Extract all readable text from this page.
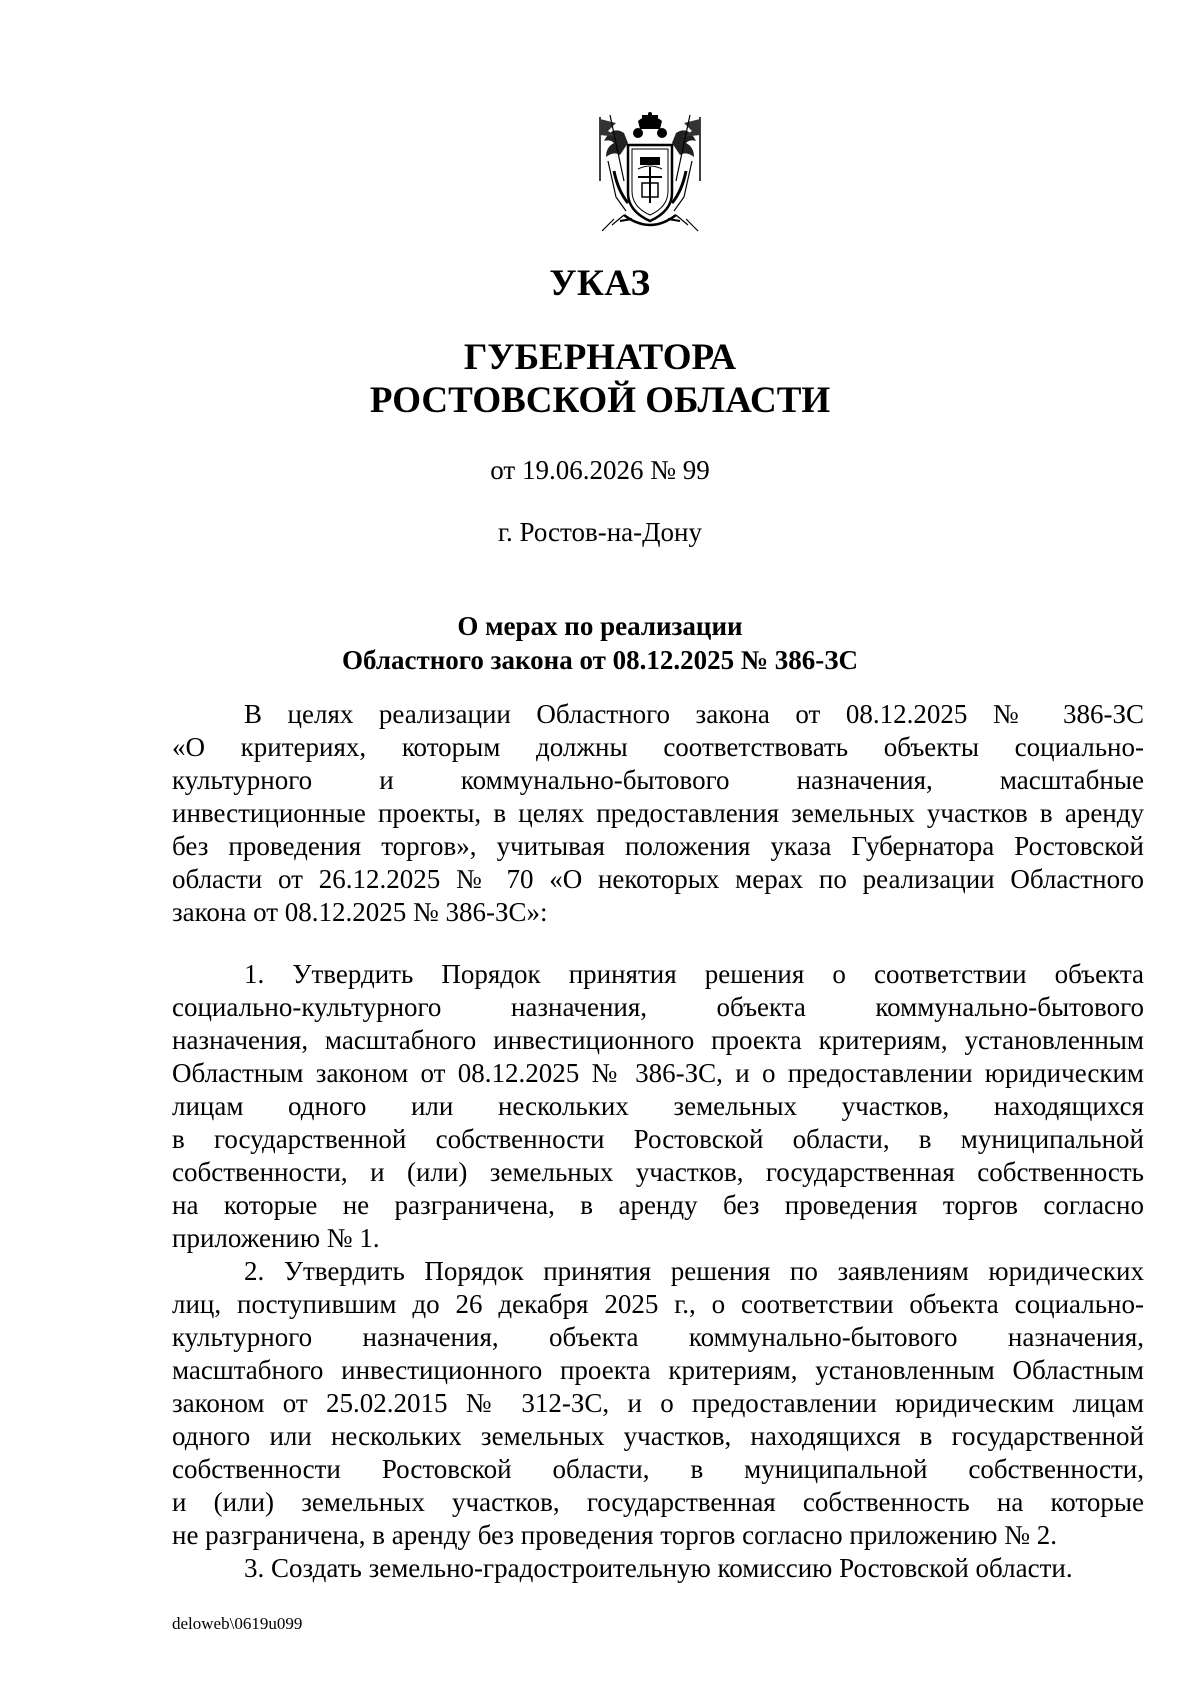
УКАЗ
ГУБЕРНАТОРА
РОСТОВСКОЙ ОБЛАСТИ
от 19.06.2026 № 99
г. Ростов-на-Дону
О мерах по реализации
Областного закона от 08.12.2025 № 386-ЗС
В целях реализации Областного закона от 08.12.2025 № 386-ЗС
«О критериях, которым должны соответствовать объекты социально-
культурного и коммунально-бытового назначения, масштабные
инвестиционные проекты, в целях предоставления земельных участков в аренду
без проведения торгов», учитывая положения указа Губернатора Ростовской
области от 26.12.2025 № 70 «О некоторых мерах по реализации Областного
закона от 08.12.2025 № 386-ЗС»:
1. Утвердить Порядок принятия решения о соответствии объекта
социально-культурного назначения, объекта коммунально-бытового
назначения, масштабного инвестиционного проекта критериям, установленным
Областным законом от 08.12.2025 № 386-ЗС, и о предоставлении юридическим
лицам одного или нескольких земельных участков, находящихся
в государственной собственности Ростовской области, в муниципальной
собственности, и (или) земельных участков, государственная собственность
на которые не разграничена, в аренду без проведения торгов согласно
приложению № 1.
2. Утвердить Порядок принятия решения по заявлениям юридических
лиц, поступившим до 26 декабря 2025 г., о соответствии объекта социально-
культурного назначения, объекта коммунально-бытового назначения,
масштабного инвестиционного проекта критериям, установленным Областным
законом от 25.02.2015 № 312-ЗС, и о предоставлении юридическим лицам
одного или нескольких земельных участков, находящихся в государственной
собственности Ростовской области, в муниципальной собственности,
и (или) земельных участков, государственная собственность на которые
не разграничена, в аренду без проведения торгов согласно приложению № 2.
3. Создать земельно-градостроительную комиссию Ростовской области.
deloweb\0619u099
